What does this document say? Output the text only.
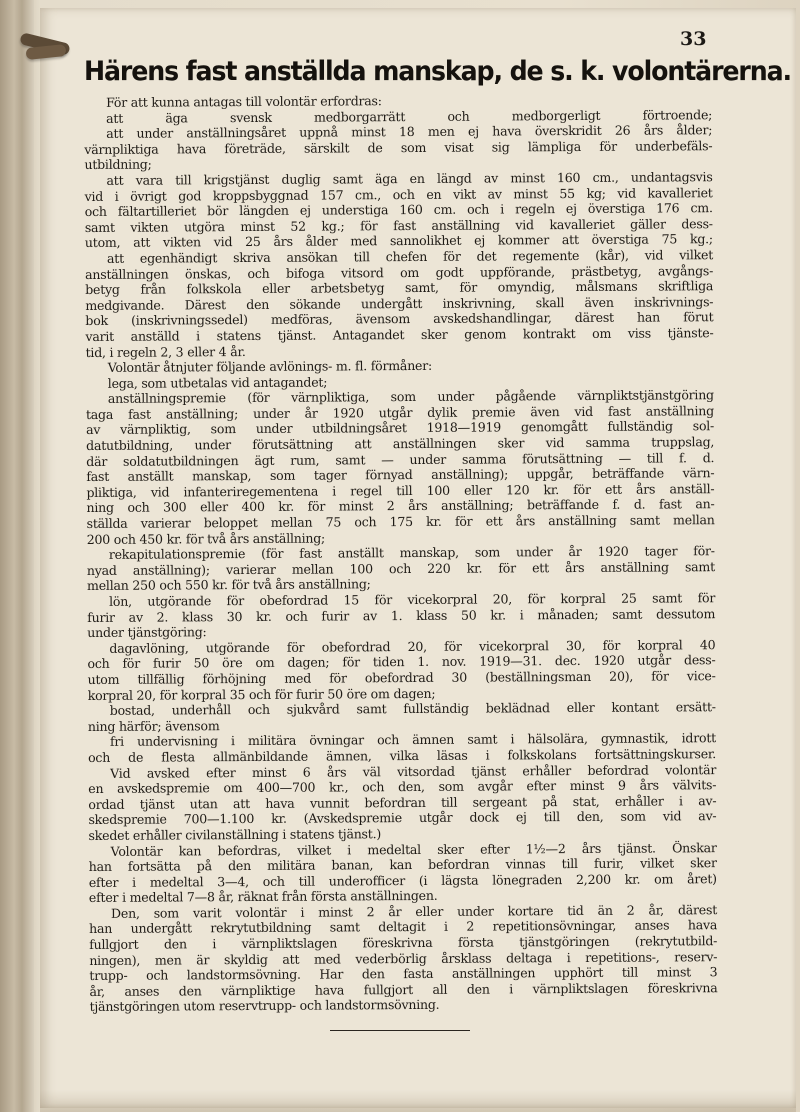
33
Härens fast anställda manskap, de s. k. volontärerna.
För att kunna antagas till volontär erfordras:
att äga svensk medborgarrätt och medborgerligt förtroende;
att under anställningsåret uppnå minst 18 men ej hava överskridit 26 års ålder;
värnpliktiga hava företräde, särskilt de som visat sig lämpliga för underbefäls-
utbildning;
att vara till krigstjänst duglig samt äga en längd av minst 160 cm., undantagsvis
vid i övrigt god kroppsbyggnad 157 cm., och en vikt av minst 55 kg; vid kavalleriet
och fältartilleriet bör längden ej understiga 160 cm. och i regeln ej överstiga 176 cm.
samt vikten utgöra minst 52 kg.; för fast anställning vid kavalleriet gäller dess-
utom, att vikten vid 25 års ålder med sannolikhet ej kommer att överstiga 75 kg.;
att egenhändigt skriva ansökan till chefen för det regemente (kår), vid vilket
anställningen önskas, och bifoga vitsord om godt uppförande, prästbetyg, avgångs-
betyg från folkskola eller arbetsbetyg samt, för omyndig, målsmans skriftliga
medgivande. Därest den sökande undergått inskrivning, skall även inskrivnings-
bok (inskrivningssedel) medföras, ävensom avskedshandlingar, därest han förut
varit anställd i statens tjänst. Antagandet sker genom kontrakt om viss tjänste-
tid, i regeln 2, 3 eller 4 år.
Volontär åtnjuter följande avlönings- m. fl. förmåner:
lega, som utbetalas vid antagandet;
anställningspremie (för värnpliktiga, som under pågående värnpliktstjänstgöring
taga fast anställning; under år 1920 utgår dylik premie även vid fast anställning
av värnpliktig, som under utbildningsåret 1918—1919 genomgått fullständig sol-
datutbildning, under förutsättning att anställningen sker vid samma truppslag,
där soldatutbildningen ägt rum, samt — under samma förutsättning — till f. d.
fast anställt manskap, som tager förnyad anställning); uppgår, beträffande värn-
pliktiga, vid infanteriregementena i regel till 100 eller 120 kr. för ett års anställ-
ning och 300 eller 400 kr. för minst 2 års anställning; beträffande f. d. fast an-
ställda varierar beloppet mellan 75 och 175 kr. för ett års anställning samt mellan
200 och 450 kr. för två års anställning;
rekapitulationspremie (för fast anställt manskap, som under år 1920 tager för-
nyad anställning); varierar mellan 100 och 220 kr. för ett års anställning samt
mellan 250 och 550 kr. för två års anställning;
lön, utgörande för obefordrad 15 för vicekorpral 20, för korpral 25 samt för
furir av 2. klass 30 kr. och furir av 1. klass 50 kr. i månaden; samt dessutom
under tjänstgöring:
dagavlöning, utgörande för obefordrad 20, för vicekorpral 30, för korpral 40
och för furir 50 öre om dagen; för tiden 1. nov. 1919—31. dec. 1920 utgår dess-
utom tillfällig förhöjning med för obefordrad 30 (beställningsman 20), för vice-
korpral 20, för korpral 35 och för furir 50 öre om dagen;
bostad, underhåll och sjukvård samt fullständig beklädnad eller kontant ersätt-
ning härför; ävensom
fri undervisning i militära övningar och ämnen samt i hälsolära, gymnastik, idrott
och de flesta allmänbildande ämnen, vilka läsas i folkskolans fortsättningskurser.
Vid avsked efter minst 6 års väl vitsordad tjänst erhåller befordrad volontär
en avskedspremie om 400—700 kr., och den, som avgår efter minst 9 års välvits-
ordad tjänst utan att hava vunnit befordran till sergeant på stat, erhåller i av-
skedspremie 700—1.100 kr. (Avskedspremie utgår dock ej till den, som vid av-
skedet erhåller civilanställning i statens tjänst.)
Volontär kan befordras, vilket i medeltal sker efter 1½—2 års tjänst. Önskar
han fortsätta på den militära banan, kan befordran vinnas till furir, vilket sker
efter i medeltal 3—4, och till underofficer (i lägsta lönegraden 2,200 kr. om året)
efter i medeltal 7—8 år, räknat från första anställningen.
Den, som varit volontär i minst 2 år eller under kortare tid än 2 år, därest
han undergått rekrytutbildning samt deltagit i 2 repetitionsövningar, anses hava
fullgjort den i värnpliktslagen föreskrivna första tjänstgöringen (rekrytutbild-
ningen), men är skyldig att med vederbörlig årsklass deltaga i repetitions-, reserv-
trupp- och landstormsövning. Har den fasta anställningen upphört till minst 3
år, anses den värnpliktige hava fullgjort all den i värnpliktslagen föreskrivna
tjänstgöringen utom reservtrupp- och landstormsövning.
